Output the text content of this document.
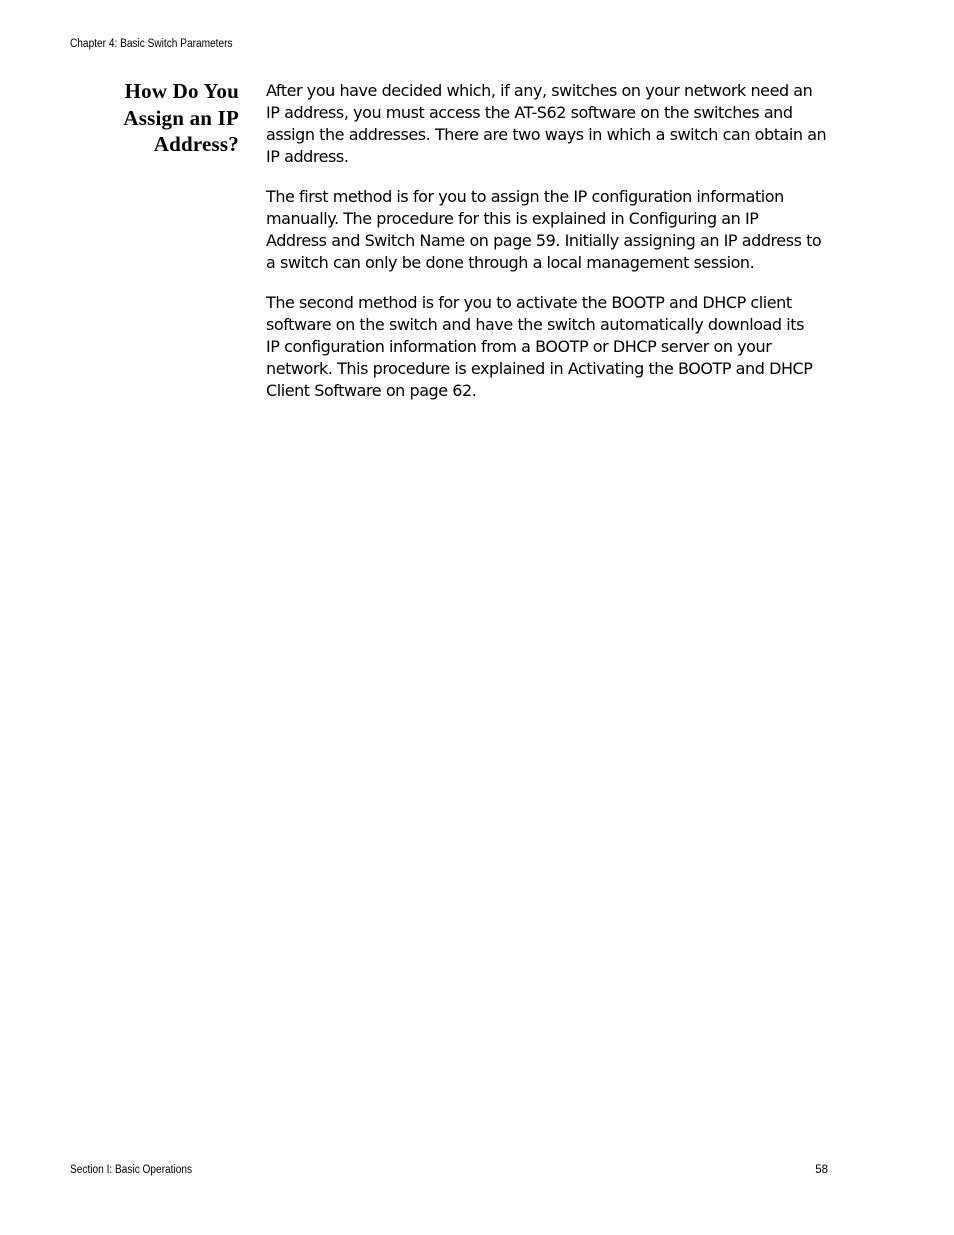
Chapter 4: Basic Switch Parameters
How Do You
Assign an IP
Address?

After you have decided which, if any, switches on your network need an
IP address, you must access the AT-S62 software on the switches and
assign the addresses. There are two ways in which a switch can obtain an
IP address.

The first method is for you to assign the IP configuration information
manually. The procedure for this is explained in Configuring an IP
Address and Switch Name on page 59. Initially assigning an IP address to
a switch can only be done through a local management session.

The second method is for you to activate the BOOTP and DHCP client
software on the switch and have the switch automatically download its
IP configuration information from a BOOTP or DHCP server on your
network. This procedure is explained in Activating the BOOTP and DHCP
Client Software on page 62.

Section I: Basic Operations	58
